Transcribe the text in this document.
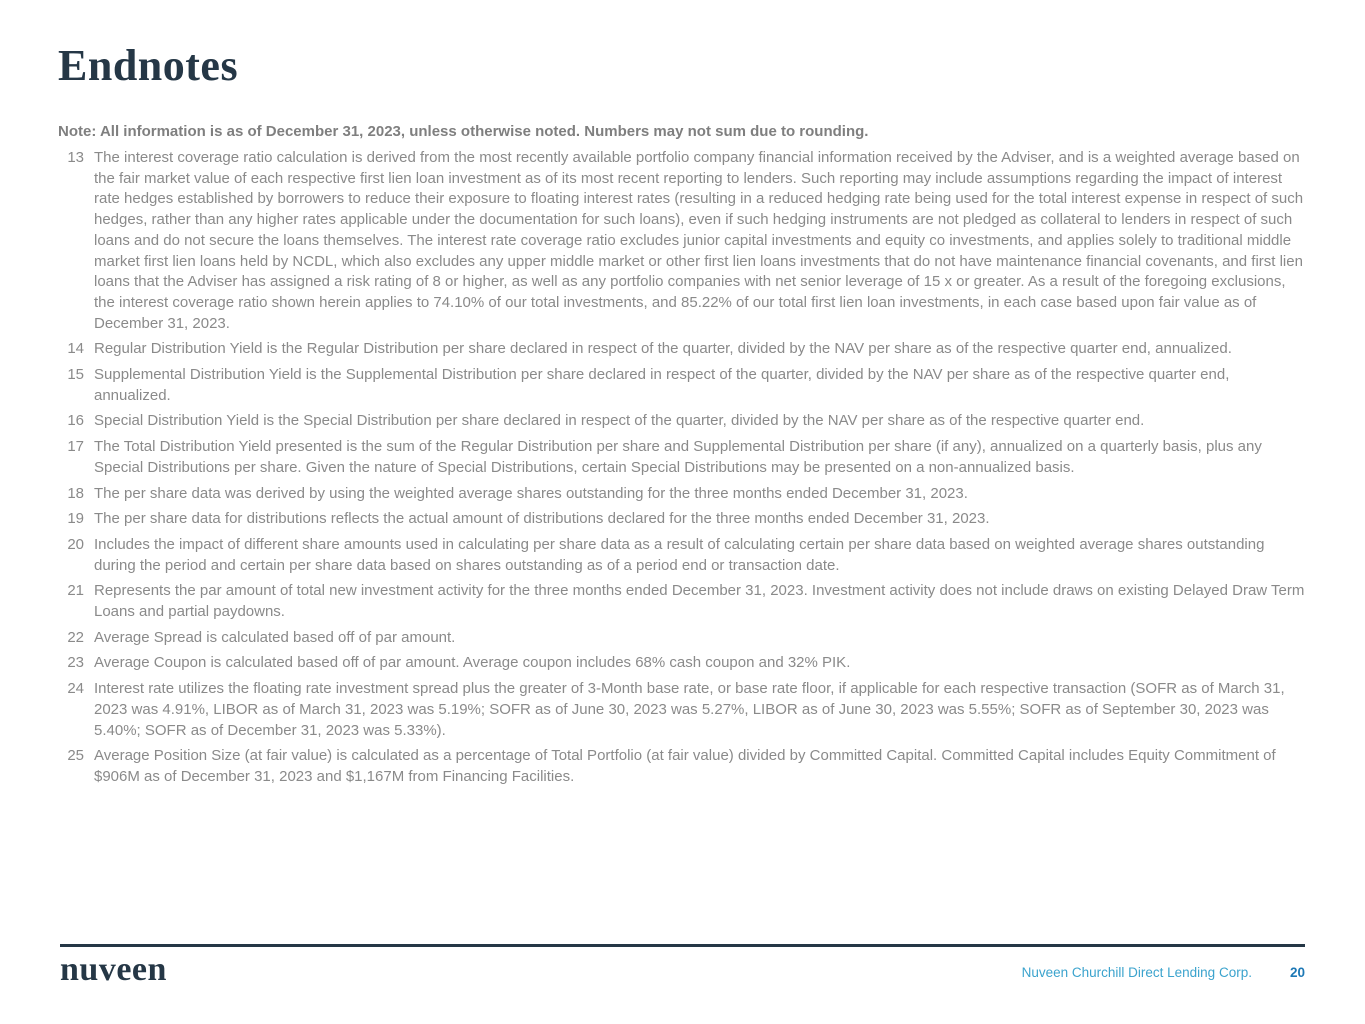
Endnotes

Note: All information is as of December 31, 2023, unless otherwise noted. Numbers may not sum due to rounding.

13 The interest coverage ratio calculation is derived from the most recently available portfolio company financial information received by the Adviser, and is a weighted average based on the fair market value of each respective first lien loan investment as of its most recent reporting to lenders. Such reporting may include assumptions regarding the impact of interest rate hedges established by borrowers to reduce their exposure to floating interest rates (resulting in a reduced hedging rate being used for the total interest expense in respect of such hedges, rather than any higher rates applicable under the documentation for such loans), even if such hedging instruments are not pledged as collateral to lenders in respect of such loans and do not secure the loans themselves. The interest rate coverage ratio excludes junior capital investments and equity co investments, and applies solely to traditional middle market first lien loans held by NCDL, which also excludes any upper middle market or other first lien loans investments that do not have maintenance financial covenants, and first lien loans that the Adviser has assigned a risk rating of 8 or higher, as well as any portfolio companies with net senior leverage of 15 x or greater. As a result of the foregoing exclusions, the interest coverage ratio shown herein applies to 74.10% of our total investments, and 85.22% of our total first lien loan investments, in each case based upon fair value as of December 31, 2023.
14 Regular Distribution Yield is the Regular Distribution per share declared in respect of the quarter, divided by the NAV per share as of the respective quarter end, annualized.
15 Supplemental Distribution Yield is the Supplemental Distribution per share declared in respect of the quarter, divided by the NAV per share as of the respective quarter end, annualized.
16 Special Distribution Yield is the Special Distribution per share declared in respect of the quarter, divided by the NAV per share as of the respective quarter end.
17 The Total Distribution Yield presented is the sum of the Regular Distribution per share and Supplemental Distribution per share (if any), annualized on a quarterly basis, plus any Special Distributions per share. Given the nature of Special Distributions, certain Special Distributions may be presented on a non-annualized basis.
18 The per share data was derived by using the weighted average shares outstanding for the three months ended December 31, 2023.
19 The per share data for distributions reflects the actual amount of distributions declared for the three months ended December 31, 2023.
20 Includes the impact of different share amounts used in calculating per share data as a result of calculating certain per share data based on weighted average shares outstanding during the period and certain per share data based on shares outstanding as of a period end or transaction date.
21 Represents the par amount of total new investment activity for the three months ended December 31, 2023. Investment activity does not include draws on existing Delayed Draw Term Loans and partial paydowns.
22 Average Spread is calculated based off of par amount.
23 Average Coupon is calculated based off of par amount. Average coupon includes 68% cash coupon and 32% PIK.
24 Interest rate utilizes the floating rate investment spread plus the greater of 3-Month base rate, or base rate floor, if applicable for each respective transaction (SOFR as of March 31, 2023 was 4.91%, LIBOR as of March 31, 2023 was 5.19%; SOFR as of June 30, 2023 was 5.27%, LIBOR as of June 30, 2023 was 5.55%; SOFR as of September 30, 2023 was 5.40%; SOFR as of December 31, 2023 was 5.33%).
25 Average Position Size (at fair value) is calculated as a percentage of Total Portfolio (at fair value) divided by Committed Capital. Committed Capital includes Equity Commitment of $906M as of December 31, 2023 and $1,167M from Financing Facilities.
nuveen	Nuveen Churchill Direct Lending Corp.	20
